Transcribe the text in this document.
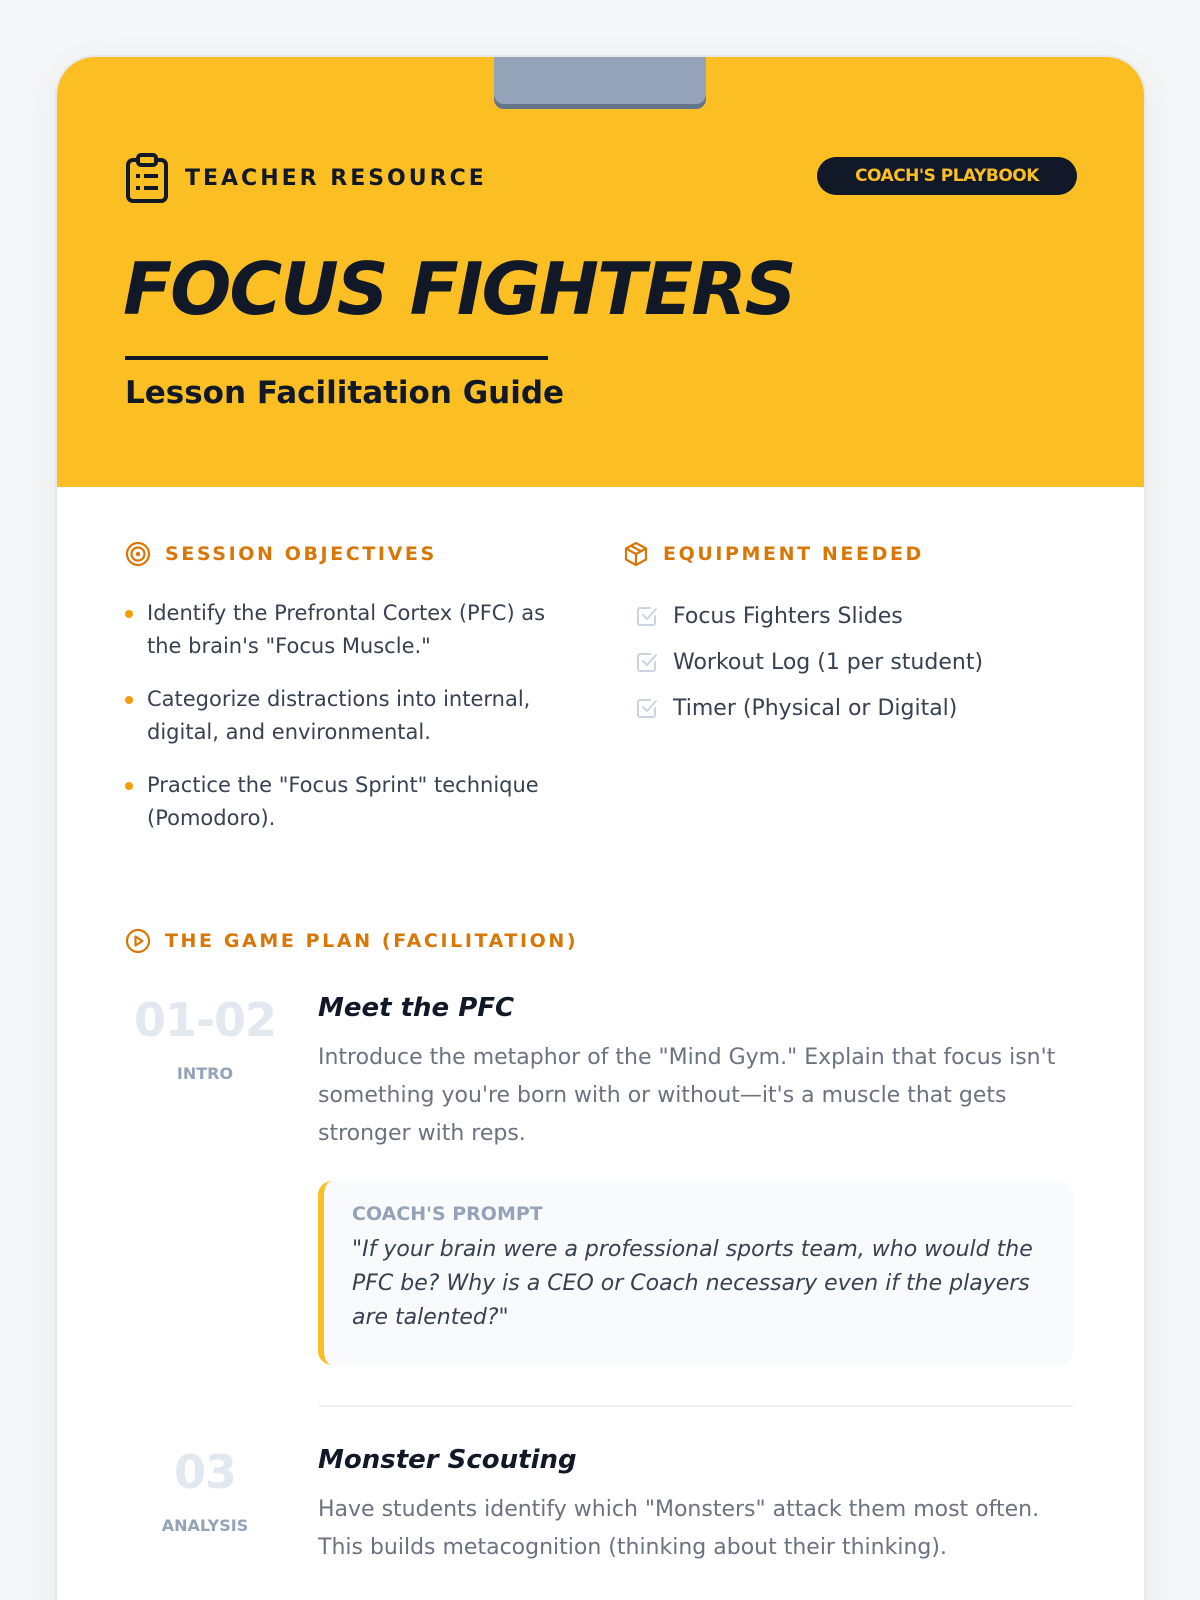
TEACHER RESOURCE	COACH'S PLAYBOOK
FOCUS FIGHTERS
Lesson Facilitation Guide
SESSION OBJECTIVES
Identify the Prefrontal Cortex (PFC) as the brain's "Focus Muscle."
Categorize distractions into internal, digital, and environmental.
Practice the "Focus Sprint" technique (Pomodoro).
EQUIPMENT NEEDED
Focus Fighters Slides
Workout Log (1 per student)
Timer (Physical or Digital)
THE GAME PLAN (FACILITATION)
01-02
INTRO
Meet the PFC
Introduce the metaphor of the "Mind Gym." Explain that focus isn't something you're born with or without—it's a muscle that gets stronger with reps.
COACH'S PROMPT
"If your brain were a professional sports team, who would the PFC be? Why is a CEO or Coach necessary even if the players are talented?"
03
ANALYSIS
Monster Scouting
Have students identify which "Monsters" attack them most often. This builds metacognition (thinking about their thinking).
